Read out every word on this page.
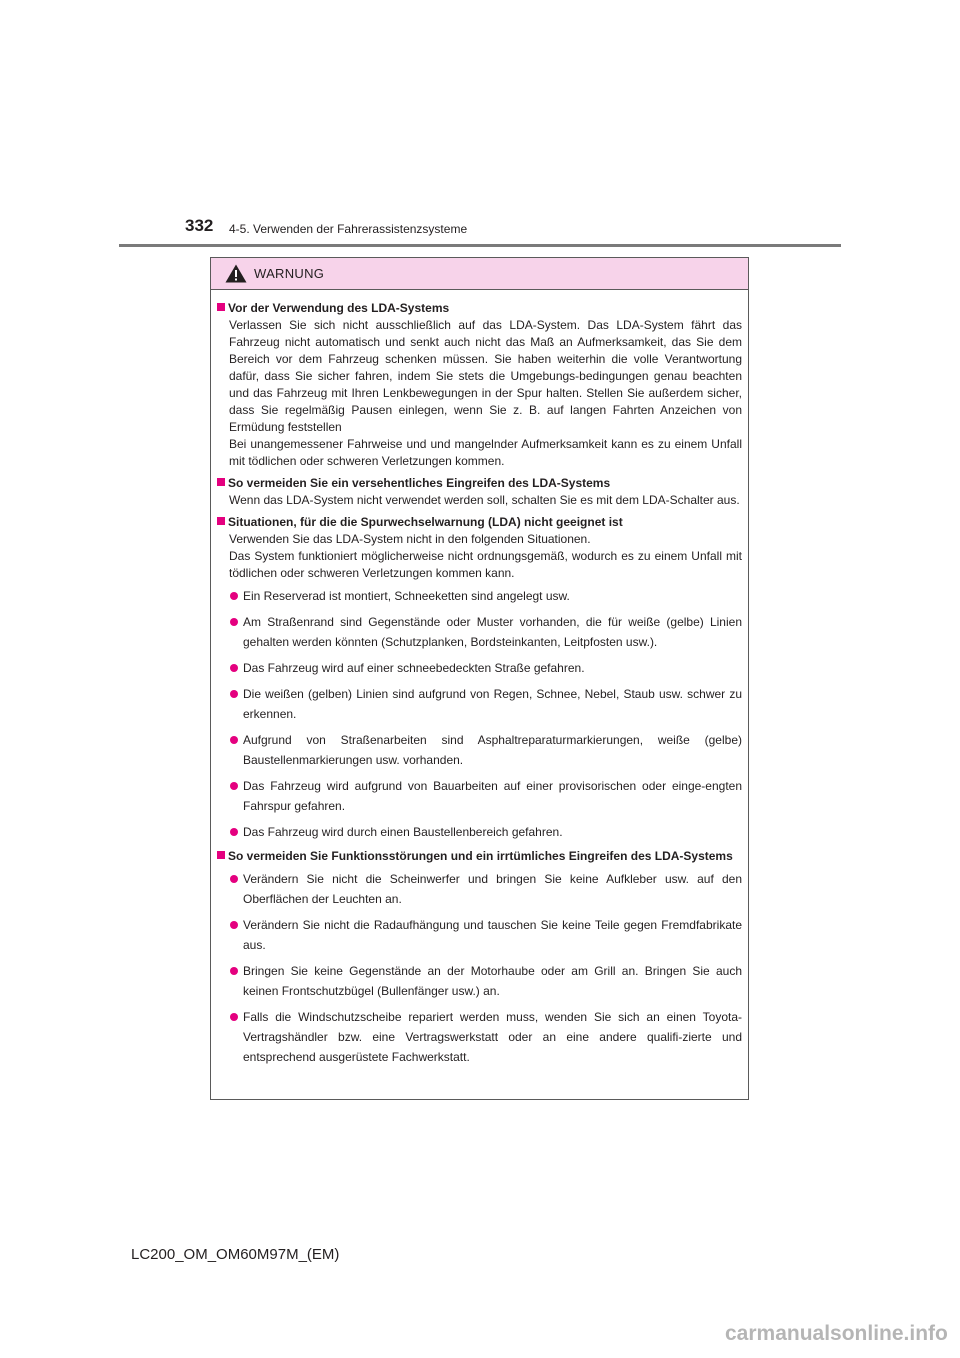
332 4-5. Verwenden der Fahrerassistenzsysteme
WARNUNG
Vor der Verwendung des LDA-Systems
Verlassen Sie sich nicht ausschließlich auf das LDA-System. Das LDA-System fährt das Fahrzeug nicht automatisch und senkt auch nicht das Maß an Aufmerksamkeit, das Sie dem Bereich vor dem Fahrzeug schenken müssen. Sie haben weiterhin die volle Verantwortung dafür, dass Sie sicher fahren, indem Sie stets die Umgebungs-bedingungen genau beachten und das Fahrzeug mit Ihren Lenkbewegungen in der Spur halten. Stellen Sie außerdem sicher, dass Sie regelmäßig Pausen einlegen, wenn Sie z. B. auf langen Fahrten Anzeichen von Ermüdung feststellen
Bei unangemessener Fahrweise und und mangelnder Aufmerksamkeit kann es zu einem Unfall mit tödlichen oder schweren Verletzungen kommen.
So vermeiden Sie ein versehentliches Eingreifen des LDA-Systems
Wenn das LDA-System nicht verwendet werden soll, schalten Sie es mit dem LDA-Schalter aus.
Situationen, für die die Spurwechselwarnung (LDA) nicht geeignet ist
Verwenden Sie das LDA-System nicht in den folgenden Situationen.
Das System funktioniert möglicherweise nicht ordnungsgemäß, wodurch es zu einem Unfall mit tödlichen oder schweren Verletzungen kommen kann.
Ein Reserverad ist montiert, Schneeketten sind angelegt usw.
Am Straßenrand sind Gegenstände oder Muster vorhanden, die für weiße (gelbe) Linien gehalten werden könnten (Schutzplanken, Bordsteinkanten, Leitpfosten usw.).
Das Fahrzeug wird auf einer schneebedeckten Straße gefahren.
Die weißen (gelben) Linien sind aufgrund von Regen, Schnee, Nebel, Staub usw. schwer zu erkennen.
Aufgrund von Straßenarbeiten sind Asphaltreparaturmarkierungen, weiße (gelbe) Baustellenmarkierungen usw. vorhanden.
Das Fahrzeug wird aufgrund von Bauarbeiten auf einer provisorischen oder einge-engten Fahrspur gefahren.
Das Fahrzeug wird durch einen Baustellenbereich gefahren.
So vermeiden Sie Funktionsstörungen und ein irrtümliches Eingreifen des LDA-Systems
Verändern Sie nicht die Scheinwerfer und bringen Sie keine Aufkleber usw. auf den Oberflächen der Leuchten an.
Verändern Sie nicht die Radaufhängung und tauschen Sie keine Teile gegen Fremdfabrikate aus.
Bringen Sie keine Gegenstände an der Motorhaube oder am Grill an. Bringen Sie auch keinen Frontschutzbügel (Bullenfänger usw.) an.
Falls die Windschutzscheibe repariert werden muss, wenden Sie sich an einen Toyota-Vertragshändler bzw. eine Vertragswerkstatt oder an eine andere qualifi-zierte und entsprechend ausgerüstete Fachwerkstatt.
LC200_OM_OM60M97M_(EM)
carmanualsonline.info
